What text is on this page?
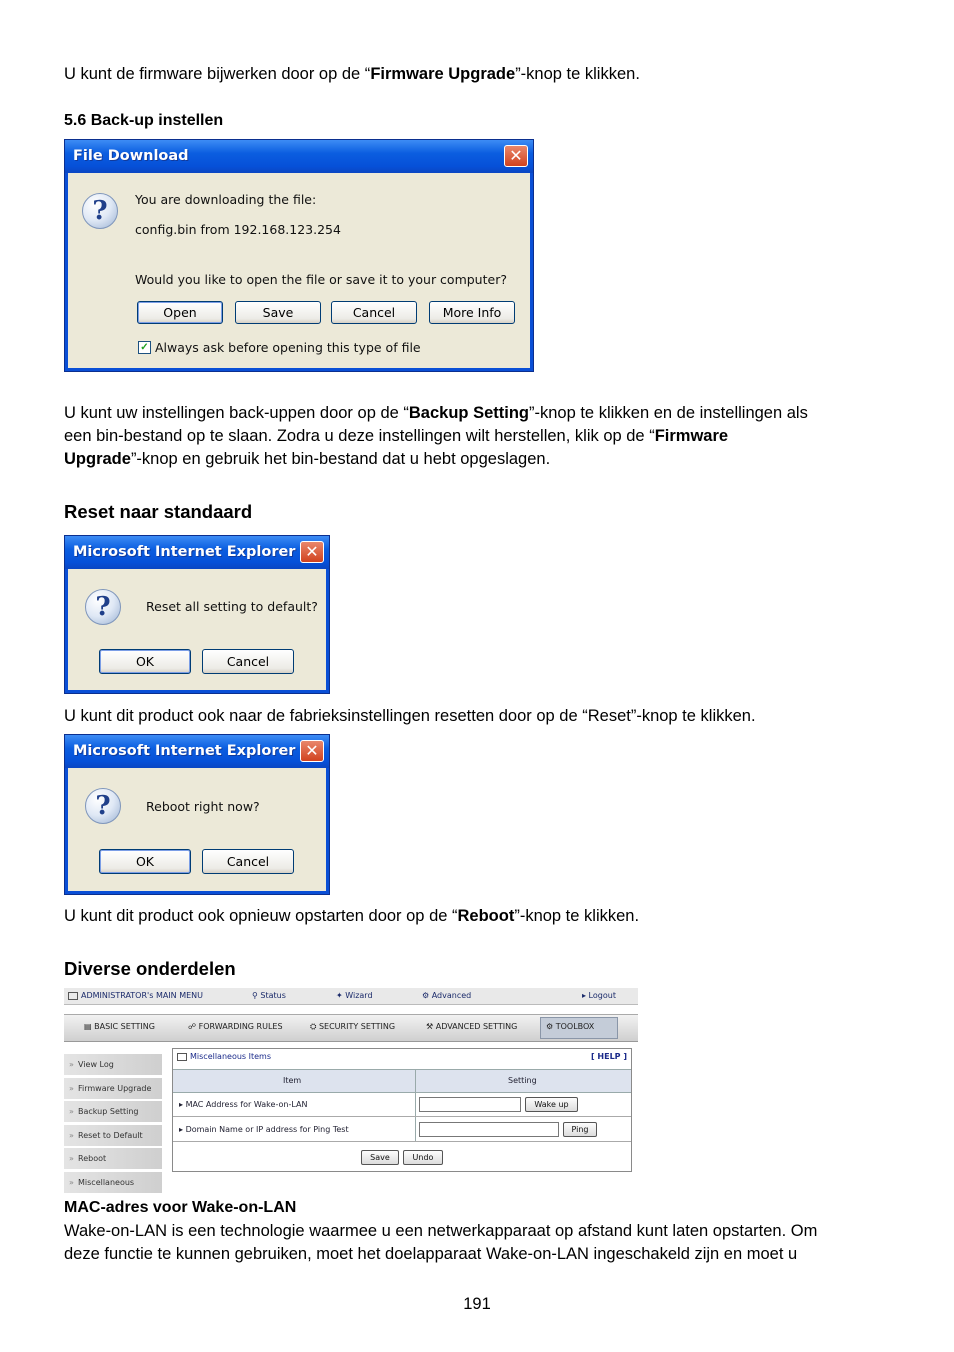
U kunt de firmware bijwerken door op de “Firmware Upgrade”-knop te klikken.
5.6 Back-up instellen
File Download	✕
?	You are downloading the file:
config.bin from 192.168.123.254
Would you like to open the file or save it to your computer?
Open	Save	Cancel	More Info
✓ Always ask before opening this type of file
U kunt uw instellingen back-uppen door op de “Backup Setting”-knop te klikken en de instellingen als
een bin-bestand op te slaan. Zodra u deze instellingen wilt herstellen, klik op de “Firmware
Upgrade”-knop en gebruik het bin-bestand dat u hebt opgeslagen.
Reset naar standaard
Microsoft Internet Explorer ✕
?	Reset all setting to default?
OK	Cancel
U kunt dit product ook naar de fabrieksinstellingen resetten door op de “Reset”-knop te klikken.
Microsoft Internet Explorer ✕
?	Reboot right now?
OK	Cancel
U kunt dit product ook opnieuw opstarten door op de “Reboot”-knop te klikken.
Diverse onderdelen
ADMINISTRATOR's MAIN MENU	⚲ Status	✦ Wizard	⚙ Advanced	▸ Logout
▤ BASIC SETTING	☍ FORWARDING RULES	⛭ SECURITY SETTING	⚒ ADVANCED SETTING	⚙ TOOLBOX
» View Log
» Firmware Upgrade
» Backup Setting
» Reset to Default
» Reboot
» Miscellaneous
Miscellaneous Items	[ HELP ]
Item	Setting
▸ MAC Address for Wake-on-LAN	Wake up
▸ Domain Name or IP address for Ping Test	Ping
Save	Undo
MAC-adres voor Wake-on-LAN
Wake-on-LAN is een technologie waarmee u een netwerkapparaat op afstand kunt laten opstarten. Om
deze functie te kunnen gebruiken, moet het doelapparaat Wake-on-LAN ingeschakeld zijn en moet u
191
